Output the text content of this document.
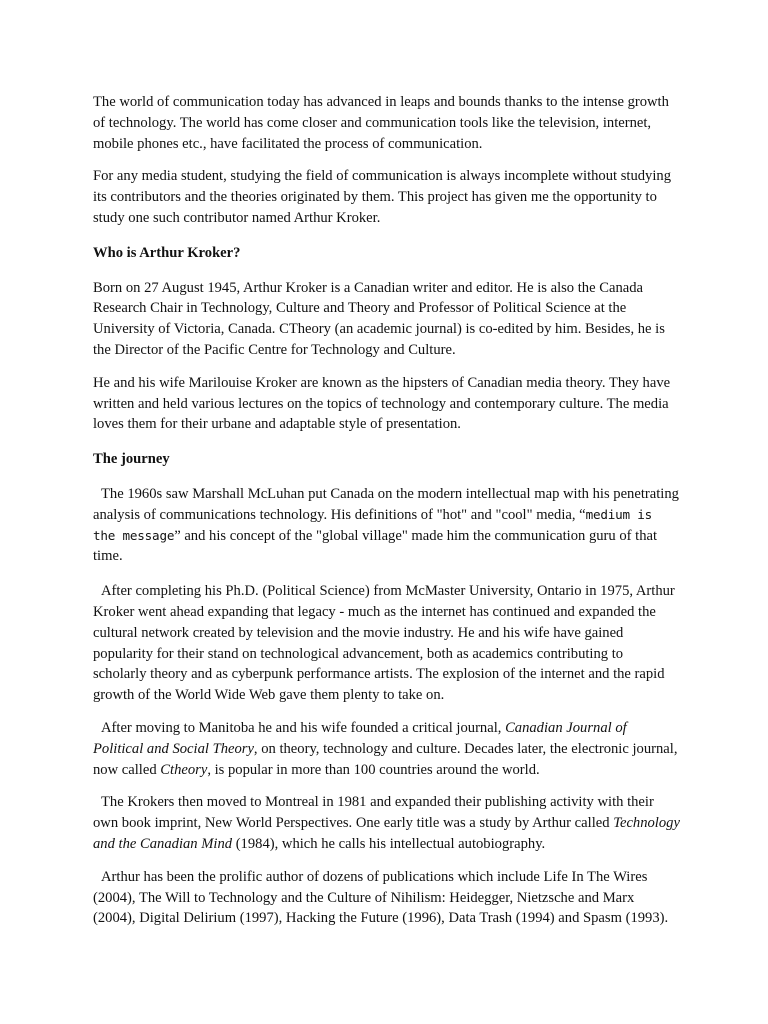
The world of communication today has advanced in leaps and bounds thanks to the intense growth of technology. The world has come closer and communication tools like the television, internet, mobile phones etc., have facilitated the process of communication.

For any media student, studying the field of communication is always incomplete without studying its contributors and the theories originated by them. This project has given me the opportunity to study one such contributor named Arthur Kroker.

Who is Arthur Kroker?

Born on 27 August 1945, Arthur Kroker is a Canadian writer and editor. He is also the Canada Research Chair in Technology, Culture and Theory and Professor of Political Science at the University of Victoria, Canada. CTheory (an academic journal) is co-edited by him. Besides, he is the Director of the Pacific Centre for Technology and Culture.

He and his wife Marilouise Kroker are known as the hipsters of Canadian media theory. They have written and held various lectures on the topics of technology and contemporary culture. The media loves them for their urbane and adaptable style of presentation.

The journey

The 1960s saw Marshall McLuhan put Canada on the modern intellectual map with his penetrating analysis of communications technology. His definitions of "hot" and "cool" media, “medium is the message” and his concept of the "global village" made him the communication guru of that time.

After completing his Ph.D. (Political Science) from McMaster University, Ontario in 1975, Arthur Kroker went ahead expanding that legacy - much as the internet has continued and expanded the cultural network created by television and the movie industry. He and his wife have gained popularity for their stand on technological advancement, both as academics contributing to scholarly theory and as cyberpunk performance artists. The explosion of the internet and the rapid growth of the World Wide Web gave them plenty to take on.

After moving to Manitoba he and his wife founded a critical journal, Canadian Journal of Political and Social Theory, on theory, technology and culture. Decades later, the electronic journal, now called Ctheory, is popular in more than 100 countries around the world.

The Krokers then moved to Montreal in 1981 and expanded their publishing activity with their own book imprint, New World Perspectives. One early title was a study by Arthur called Technology and the Canadian Mind (1984), which he calls his intellectual autobiography.

Arthur has been the prolific author of dozens of publications which include Life In The Wires (2004), The Will to Technology and the Culture of Nihilism: Heidegger, Nietzsche and Marx (2004), Digital Delirium (1997), Hacking the Future (1996), Data Trash (1994) and Spasm (1993).
